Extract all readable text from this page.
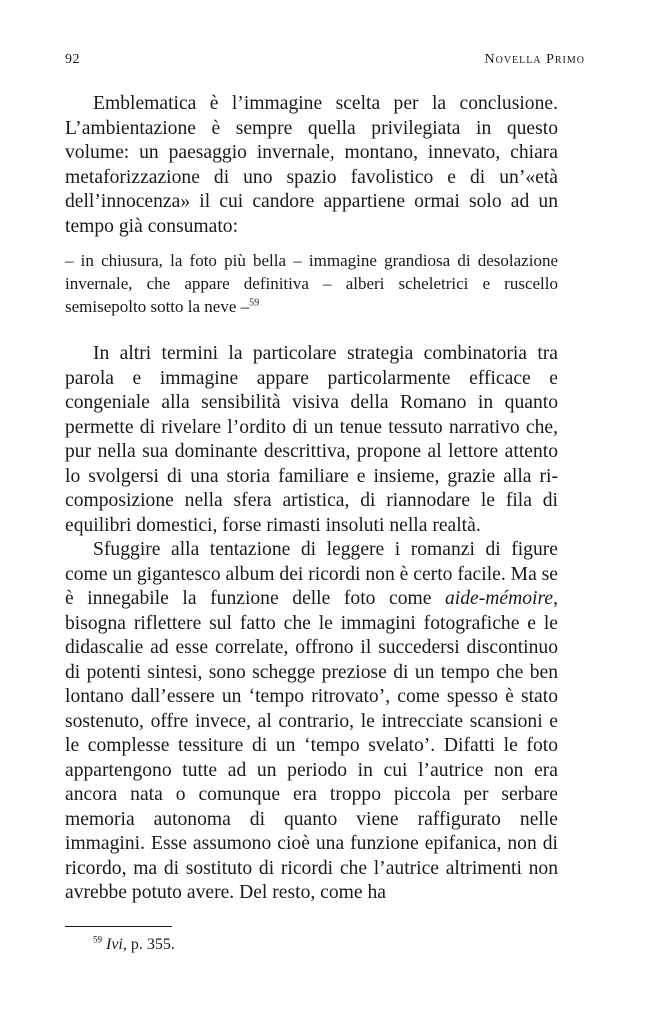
92	Novella Primo

Emblematica è l’immagine scelta per la conclusione. L’ambientazione è sempre quella privilegiata in questo volume: un paesaggio invernale, montano, innevato, chiara metaforizzazione di uno spazio favolistico e di un’«età dell’innocenza» il cui candore appartiene ormai solo ad un tempo già consumato:

– in chiusura, la foto più bella – immagine grandiosa di desolazione invernale, che appare definitiva – alberi scheletrici e ruscello semisepolto sotto la neve –$^{59}$

In altri termini la particolare strategia combinatoria tra parola e immagine appare particolarmente efficace e congeniale alla sensibilità visiva della Romano in quanto permette di rivelare l’ordito di un tenue tessuto narrativo che, pur nella sua dominante descrittiva, propone al lettore attento lo svolgersi di una storia familiare e insieme, grazie alla ri-composizione nella sfera artistica, di riannodare le fila di equilibri domestici, forse rimasti insoluti nella realtà.

Sfuggire alla tentazione di leggere i romanzi di figure come un gigantesco album dei ricordi non è certo facile. Ma se è innegabile la funzione delle foto come aide-mémoire, bisogna riflettere sul fatto che le immagini fotografiche e le didascalie ad esse correlate, offrono il succedersi discontinuo di potenti sintesi, sono schegge preziose di un tempo che ben lontano dall’essere un ‘tempo ritrovato’, come spesso è stato sostenuto, offre invece, al contrario, le intrecciate scansioni e le complesse tessiture di un ‘tempo svelato’. Difatti le foto appartengono tutte ad un periodo in cui l’autrice non era ancora nata o comunque era troppo piccola per serbare memoria autonoma di quanto viene raffigurato nelle immagini. Esse assumono cioè una funzione epifanica, non di ricordo, ma di sostituto di ricordi che l’autrice altrimenti non avrebbe potuto avere. Del resto, come ha

$^{59}$ Ivi, p. 355.
